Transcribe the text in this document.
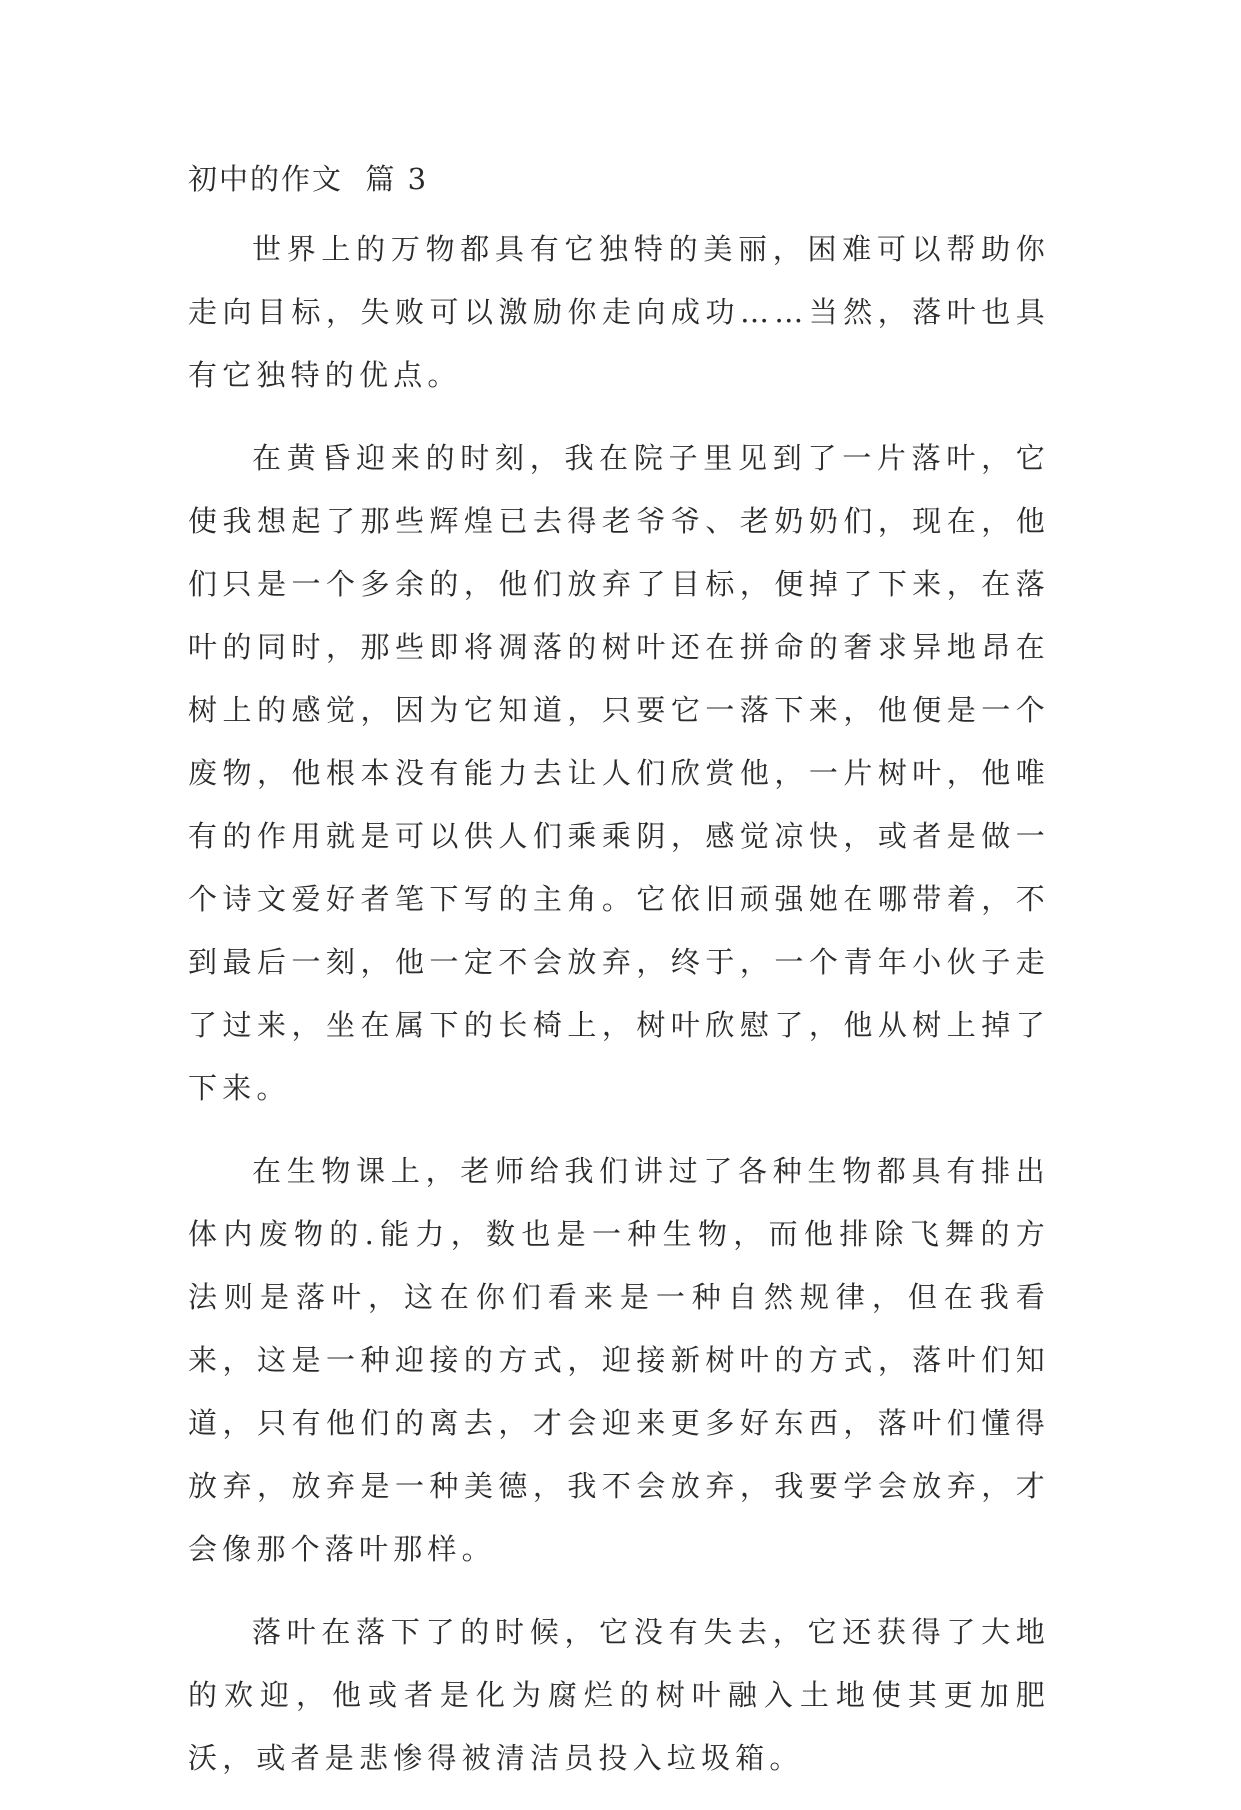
初中的作文  篇 3

世界上的万物都具有它独特的美丽，困难可以帮助你走向目标，失败可以激励你走向成功……当然，落叶也具有它独特的优点。

在黄昏迎来的时刻，我在院子里见到了一片落叶，它使我想起了那些辉煌已去得老爷爷、老奶奶们，现在，他们只是一个多余的，他们放弃了目标，便掉了下来，在落叶的同时，那些即将凋落的树叶还在拼命的奢求异地昂在树上的感觉，因为它知道，只要它一落下来，他便是一个废物，他根本没有能力去让人们欣赏他，一片树叶，他唯有的作用就是可以供人们乘乘阴，感觉凉快，或者是做一个诗文爱好者笔下写的主角。它依旧顽强她在哪带着，不到最后一刻，他一定不会放弃，终于，一个青年小伙子走了过来，坐在属下的长椅上，树叶欣慰了，他从树上掉了下来。

在生物课上，老师给我们讲过了各种生物都具有排出体内废物的.能力，数也是一种生物，而他排除飞舞的方法则是落叶，这在你们看来是一种自然规律，但在我看来，这是一种迎接的方式，迎接新树叶的方式，落叶们知道，只有他们的离去，才会迎来更多好东西，落叶们懂得放弃，放弃是一种美德，我不会放弃，我要学会放弃，才会像那个落叶那样。

落叶在落下了的时候，它没有失去，它还获得了大地的欢迎，他或者是化为腐烂的树叶融入土地使其更加肥沃，或者是悲惨得被清洁员投入垃圾箱。
